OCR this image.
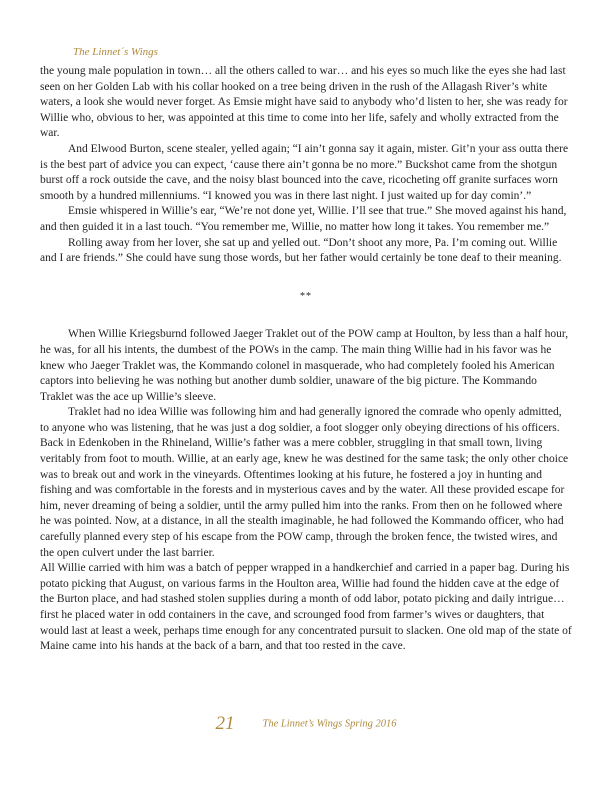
The Linnet´s Wings

the young male population in town… all the others called to war… and his eyes so much like the eyes she had last seen on her Golden Lab with his collar hooked on a tree being driven in the rush of the Allagash River’s white waters, a look she would never forget. As Emsie might have said to anybody who’d listen to her, she was ready for Willie who, obvious to her, was appointed at this time to come into her life, safely and wholly extracted from the war.

And Elwood Burton, scene stealer, yelled again; “I ain’t gonna say it again, mister. Git’n your ass outta there is the best part of advice you can expect, ‘cause there ain’t gonna be no more.” Buckshot came from the shotgun burst off a rock outside the cave, and the noisy blast bounced into the cave, ricocheting off granite surfaces worn smooth by a hundred millenniums. “I knowed you was in there last night. I just waited up for day comin’.”

Emsie whispered in Willie’s ear, “We’re not done yet, Willie. I’ll see that true.” She moved against his hand, and then guided it in a last touch. “You remember me, Willie, no matter how long it takes. You remember me.”

Rolling away from her lover, she sat up and yelled out. “Don’t shoot any more, Pa. I’m coming out. Willie and I are friends.” She could have sung those words, but her father would certainly be tone deaf to their meaning.

**

When Willie Kriegsburnd followed Jaeger Traklet out of the POW camp at Houlton, by less than a half hour, he was, for all his intents, the dumbest of the POWs in the camp. The main thing Willie had in his favor was he knew who Jaeger Traklet was, the Kommando colonel in masquerade, who had completely fooled his American captors into believing he was nothing but another dumb soldier, unaware of the big picture. The Kommando Traklet was the ace up Willie’s sleeve.

Traklet had no idea Willie was following him and had generally ignored the comrade who openly admitted, to anyone who was listening, that he was just a dog soldier, a foot slogger only obeying directions of his officers. Back in Edenkoben in the Rhineland, Willie’s father was a mere cobbler, struggling in that small town, living veritably from foot to mouth. Willie, at an early age, knew he was destined for the same task; the only other choice was to break out and work in the vineyards. Oftentimes looking at his future, he fostered a joy in hunting and fishing and was comfortable in the forests and in mysterious caves and by the water. All these provided escape for him, never dreaming of being a soldier, until the army pulled him into the ranks. From then on he followed where he was pointed. Now, at a distance, in all the stealth imaginable, he had followed the Kommando officer, who had carefully planned every step of his escape from the POW camp, through the broken fence, the twisted wires, and the open culvert under the last barrier.

All Willie carried with him was a batch of pepper wrapped in a handkerchief and carried in a paper bag. During his potato picking that August, on various farms in the Houlton area, Willie had found the hidden cave at the edge of the Burton place, and had stashed stolen supplies during a month of odd labor, potato picking and daily intrigue… first he placed water in odd containers in the cave, and scrounged food from farmer’s wives or daughters, that would last at least a week, perhaps time enough for any concentrated pursuit to slacken. One old map of the state of Maine came into his hands at the back of a barn, and that too rested in the cave.

21	The Linnet’s Wings Spring 2016
